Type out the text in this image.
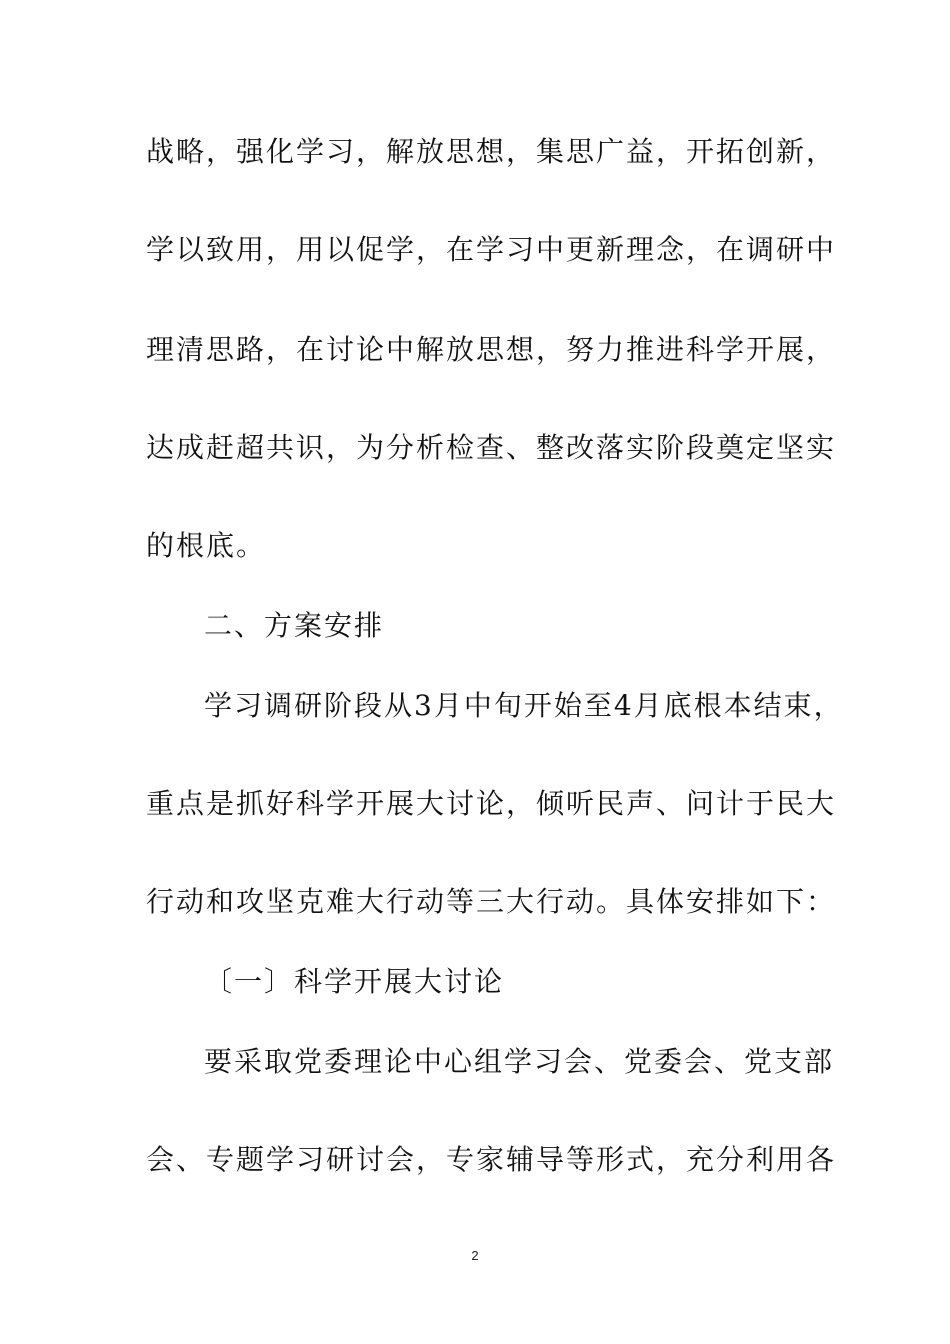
战略，强化学习，解放思想，集思广益，开拓创新，
学以致用，用以促学，在学习中更新理念，在调研中
理清思路，在讨论中解放思想，努力推进科学开展，
达成赶超共识，为分析检查、整改落实阶段奠定坚实
的根底。
二、方案安排
学习调研阶段从3月中旬开始至4月底根本结束，
重点是抓好科学开展大讨论，倾听民声、问计于民大
行动和攻坚克难大行动等三大行动。具体安排如下：
〔一〕科学开展大讨论
要采取党委理论中心组学习会、党委会、党支部
会、专题学习研讨会，专家辅导等形式，充分利用各
2
